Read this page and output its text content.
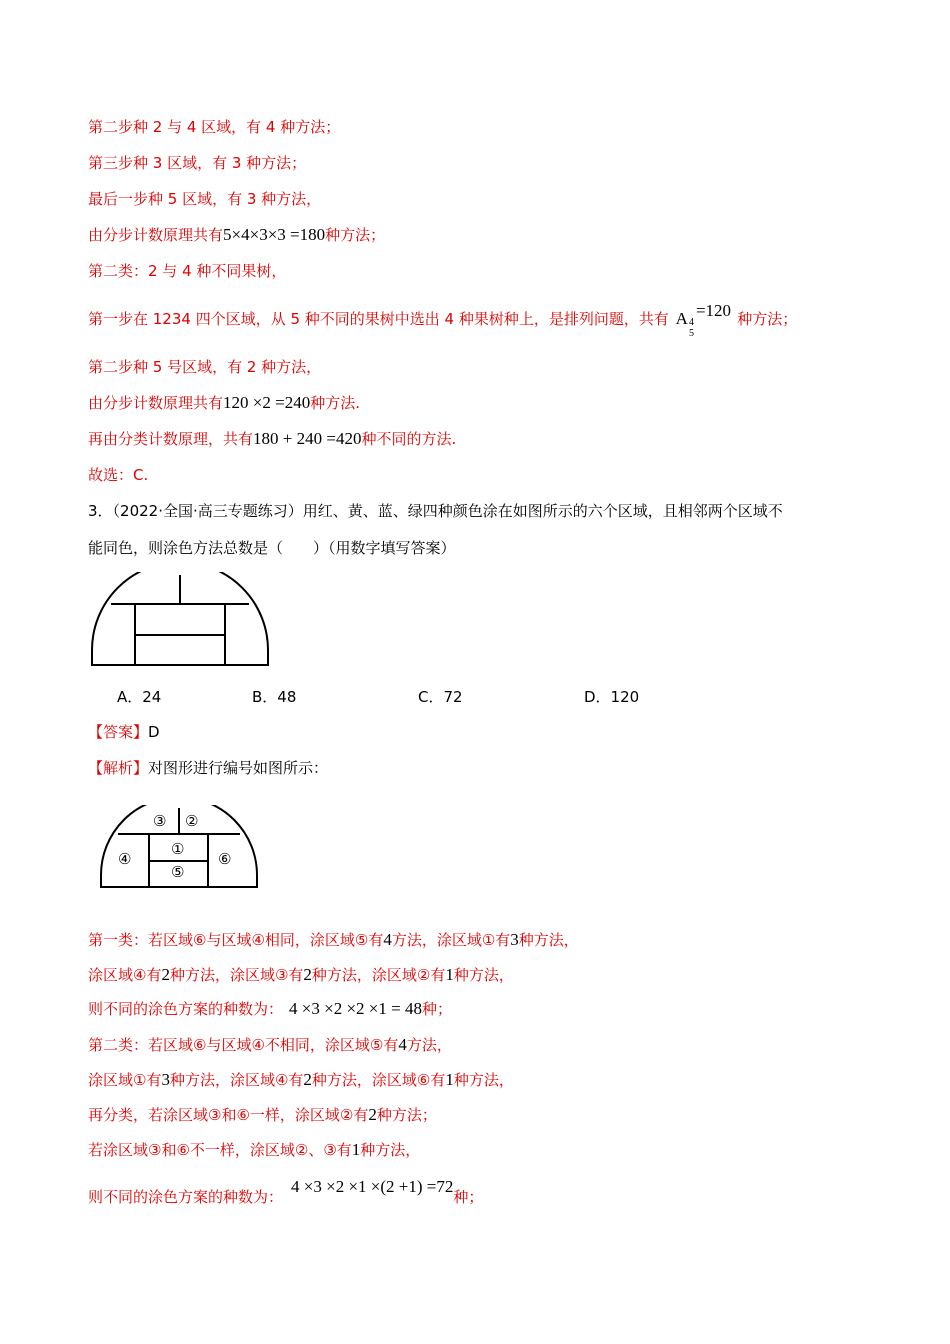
第二步种 2 与 4 区域，有 4 种方法；
第三步种 3 区域，有 3 种方法；
最后一步种 5 区域，有 3 种方法，
由分步计数原理共有5×4×3×3 =180种方法；
第二类：2 与 4 种不同果树，
第一步在 1234 四个区域，从 5 种不同的果树中选出 4 种果树种上，是排列问题，共有 A 4
5
=120 种方法；
第二步种 5 号区域，有 2 种方法，
由分步计数原理共有120 ×2 =240种方法.
再由分类计数原理，共有180 + 240 =420种不同的方法.
故选：C.
3．（2022·全国·高三专题练习）用红、黄、蓝、绿四种颜色涂在如图所示的六个区域，且相邻两个区域不
能同色，则涂色方法总数是（　　）（用数字填写答案）
A．24	B．48	C．72	D．120
【答案】D
【解析】对图形进行编号如图所示：
③ ②
④
①
⑥
⑤
第一类：若区域⑥与区域④相同，涂区域⑤有4方法，涂区域①有3种方法，
涂区域④有2种方法，涂区域③有2种方法，涂区域②有1种方法，
则不同的涂色方案的种数为： 4 ×3 ×2 ×2 ×1 = 48种；
第二类：若区域⑥与区域④不相同，涂区域⑤有4方法，
涂区域①有3种方法，涂区域④有2种方法，涂区域⑥有1种方法，
再分类，若涂区域③和⑥一样，涂区域②有2种方法；
若涂区域③和⑥不一样，涂区域②、③有1种方法，
则不同的涂色方案的种数为：4 ×3 ×2 ×1 ×(2 +1) =72种；
